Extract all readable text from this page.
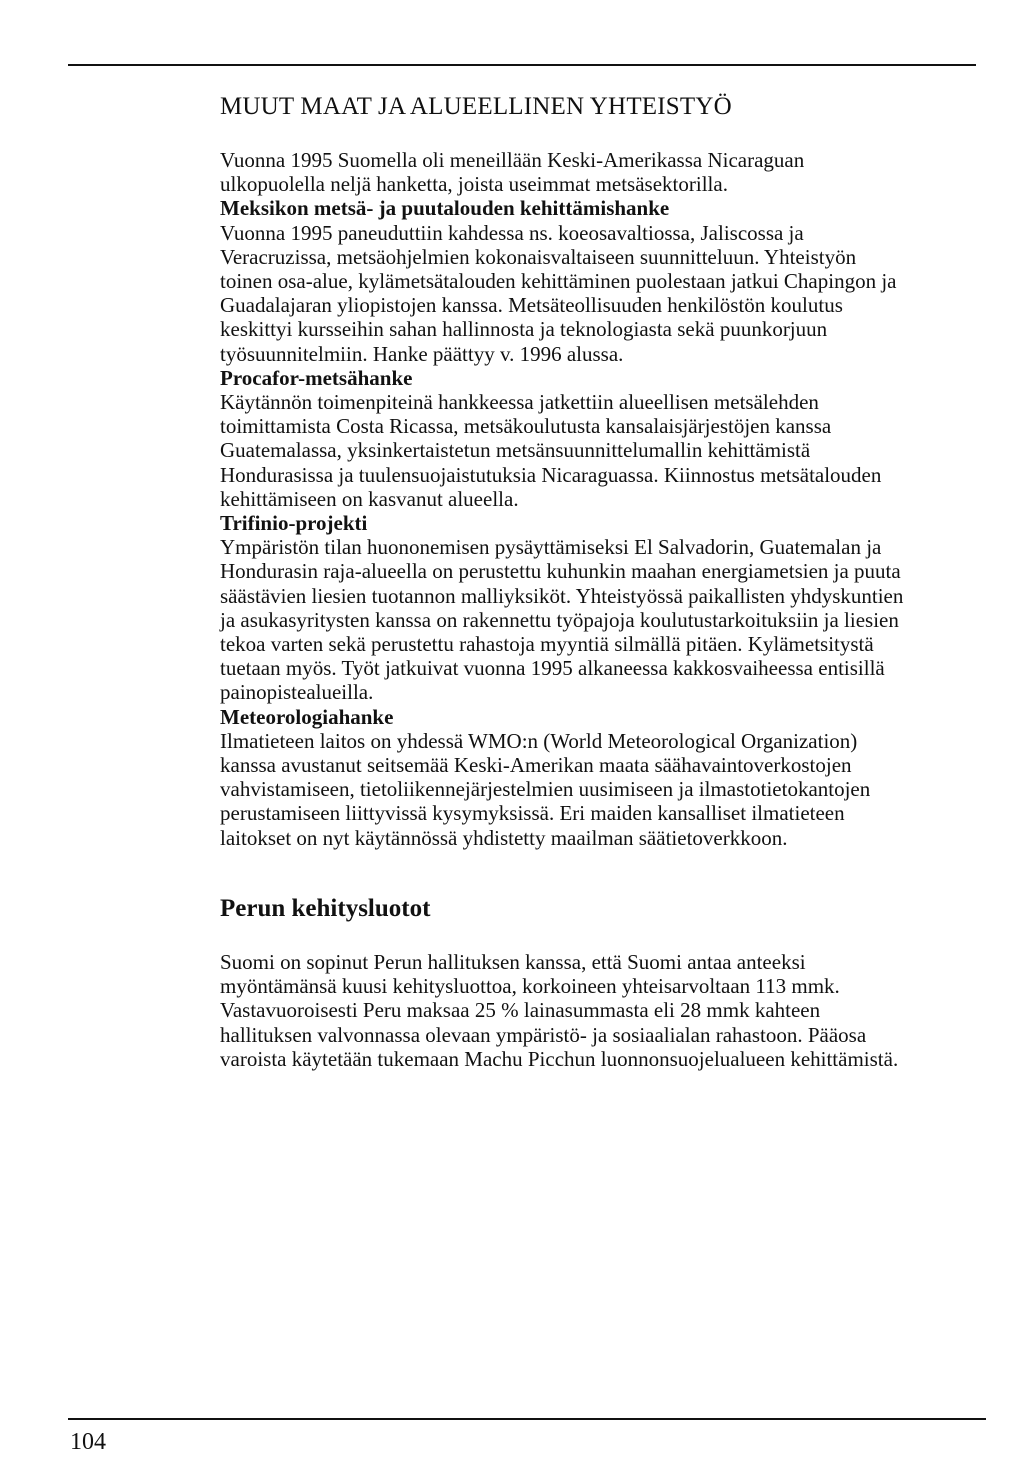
MUUT MAAT JA ALUEELLINEN YHTEISTYÖ

Vuonna 1995 Suomella oli meneillään Keski-Amerikassa Nicaraguan ulkopuolella neljä hanketta, joista useimmat metsäsektorilla.

Meksikon metsä- ja puutalouden kehittämishanke

Vuonna 1995 paneuduttiin kahdessa ns. koeosavaltiossa, Jaliscossa ja Veracruzissa, metsäohjelmien kokonaisvaltaiseen suunnitteluun. Yhteistyön toinen osa-alue, kylämetsätalouden kehittäminen puolestaan jatkui Chapingon ja Guadalajaran yliopistojen kanssa. Metsäteollisuuden henkilöstön koulutus keskittyi kursseihin sahan hallinnosta ja teknologiasta sekä puunkorjuun työsuunnitelmiin. Hanke päättyy v. 1996 alussa.

Procafor-metsähanke

Käytännön toimenpiteinä hankkeessa jatkettiin alueellisen metsälehden toimittamista Costa Ricassa, metsäkoulutusta kansalaisjärjestöjen kanssa Guatemalassa, yksinkertaistetun metsänsuunnittelumallin kehittämistä Hondurasissa ja tuulensuojaistutuksia Nicaraguassa. Kiinnostus metsätalouden kehittämiseen on kasvanut alueella.

Trifinio-projekti

Ympäristön tilan huononemisen pysäyttämiseksi El Salvadorin, Guatemalan ja Hondurasin raja-alueella on perustettu kuhunkin maahan energiametsien ja puuta säästävien liesien tuotannon malliyksiköt. Yhteistyössä paikallisten yhdyskuntien ja asukasyritysten kanssa on rakennettu työpajoja koulutustarkoituksiin ja liesien tekoa varten sekä perustettu rahastoja myyntiä silmällä pitäen. Kylämetsitystä tuetaan myös. Työt jatkuivat vuonna 1995 alkaneessa kakkosvaiheessa entisillä painopistealueilla.

Meteorologiahanke

Ilmatieteen laitos on yhdessä WMO:n (World Meteorological Organization) kanssa avustanut seitsemää Keski-Amerikan maata säähavaintoverkostojen vahvistamiseen, tietoliikennejärjestelmien uusimiseen ja ilmastotietokantojen perustamiseen liittyvissä kysymyksissä. Eri maiden kansalliset ilmatieteen laitokset on nyt käytännössä yhdistetty maailman säätietoverkkoon.

Perun kehitysluotot

Suomi on sopinut Perun hallituksen kanssa, että Suomi antaa anteeksi myöntämänsä kuusi kehitysluottoa, korkoineen yhteisarvoltaan 113 mmk. Vastavuoroisesti Peru maksaa 25 % lainasummasta eli 28 mmk kahteen hallituksen valvonnassa olevaan ympäristö- ja sosiaalialan rahastoon. Pääosa varoista käytetään tukemaan Machu Picchun luonnonsuojelualueen kehittämistä.

104
